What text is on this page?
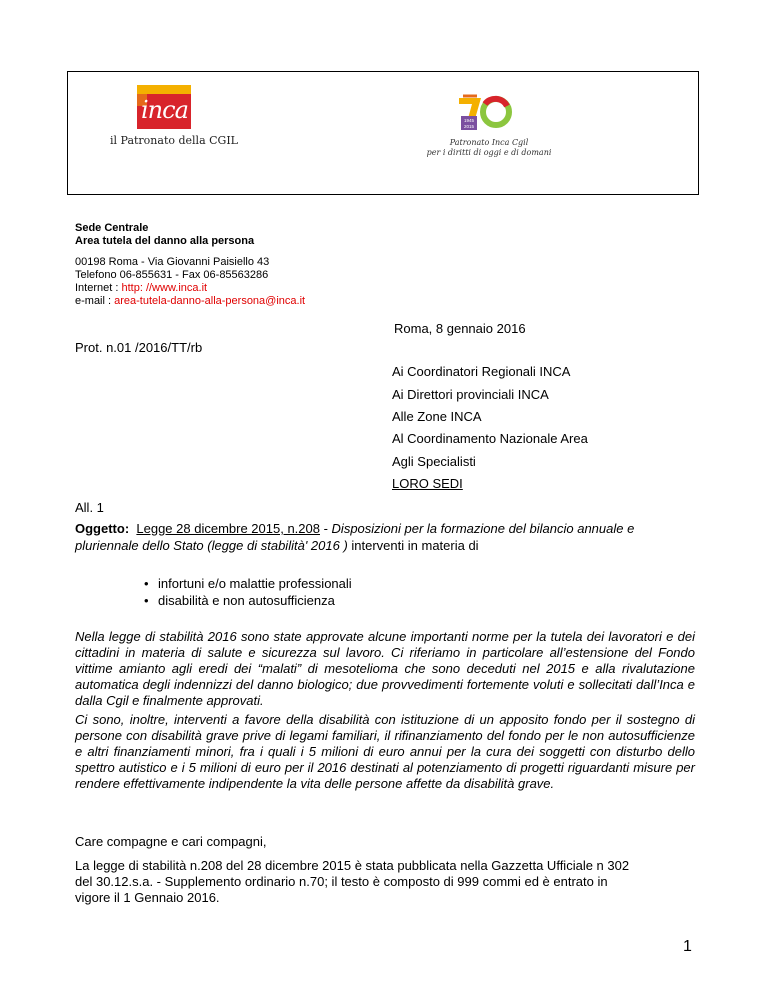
inca
il Patronato della CGIL
1945
2015
Patronato Inca Cgil
per i diritti di oggi e di domani
Sede Centrale
Area tutela del danno alla persona
00198 Roma - Via Giovanni Paisiello 43
Telefono 06-855631 - Fax 06-85563286
Internet : http: //www.inca.it
e-mail : area-tutela-danno-alla-persona@inca.it
Roma, 8 gennaio 2016
Prot. n.01 /2016/TT/rb
Ai Coordinatori Regionali INCA
Ai Direttori provinciali INCA
Alle Zone INCA
Al Coordinamento Nazionale Area
Agli Specialisti
LORO SEDI
All. 1
Oggetto: Legge 28 dicembre 2015, n.208 - Disposizioni per la formazione del bilancio annuale e
pluriennale dello Stato (legge di stabilità' 2016 ) interventi in materia di
• infortuni e/o malattie professionali
• disabilità e non autosufficienza
Nella legge di stabilità 2016 sono state approvate alcune importanti norme per la tutela dei lavoratori e dei cittadini in materia di salute e sicurezza sul lavoro. Ci riferiamo in particolare all’estensione del Fondo vittime amianto agli eredi dei “malati” di mesotelioma che sono deceduti nel 2015 e alla rivalutazione automatica degli indennizzi del danno biologico; due provvedimenti fortemente voluti e sollecitati dall’Inca e dalla Cgil e finalmente approvati.
Ci sono, inoltre, interventi a favore della disabilità con istituzione di un apposito fondo per il sostegno di persone con disabilità grave prive di legami familiari, il rifinanziamento del fondo per le non autosufficienze e altri finanziamenti minori, fra i quali i 5 milioni di euro annui per la cura dei soggetti con disturbo dello spettro autistico e i 5 milioni di euro per il 2016 destinati al potenziamento di progetti riguardanti misure per rendere effettivamente indipendente la vita delle persone affette da disabilità grave.
Care compagne e cari compagni,
La legge di stabilità n.208 del 28 dicembre 2015 è stata pubblicata nella Gazzetta Ufficiale n 302
del 30.12.s.a. - Supplemento ordinario n.70; il testo è composto di 999 commi ed è entrato in
vigore il 1 Gennaio 2016.
1
